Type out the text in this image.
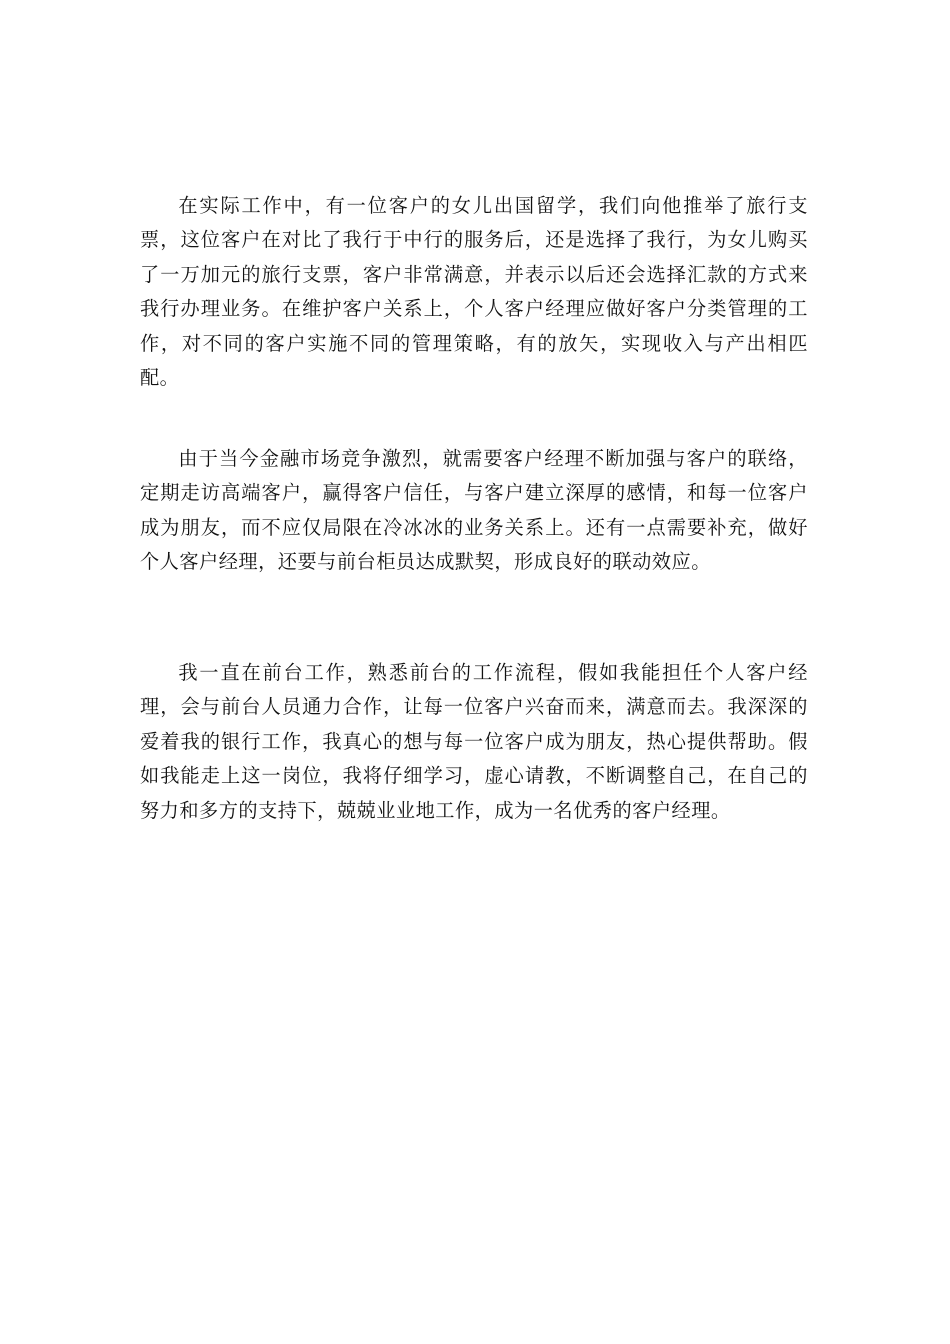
在实际工作中，有一位客户的女儿出国留学，我们向他推举了旅行支票，这位客户在对比了我行于中行的服务后，还是选择了我行，为女儿购买了一万加元的旅行支票，客户非常满意，并表示以后还会选择汇款的方式来我行办理业务。在维护客户关系上，个人客户经理应做好客户分类管理的工作，对不同的客户实施不同的管理策略，有的放矢，实现收入与产出相匹配。

由于当今金融市场竞争激烈，就需要客户经理不断加强与客户的联络，定期走访高端客户，赢得客户信任，与客户建立深厚的感情，和每一位客户成为朋友，而不应仅局限在冷冰冰的业务关系上。还有一点需要补充，做好个人客户经理，还要与前台柜员达成默契，形成良好的联动效应。

我一直在前台工作，熟悉前台的工作流程，假如我能担任个人客户经理，会与前台人员通力合作，让每一位客户兴奋而来，满意而去。我深深的爱着我的银行工作，我真心的想与每一位客户成为朋友，热心提供帮助。假如我能走上这一岗位，我将仔细学习，虚心请教，不断调整自己，在自己的努力和多方的支持下，兢兢业业地工作，成为一名优秀的客户经理。
